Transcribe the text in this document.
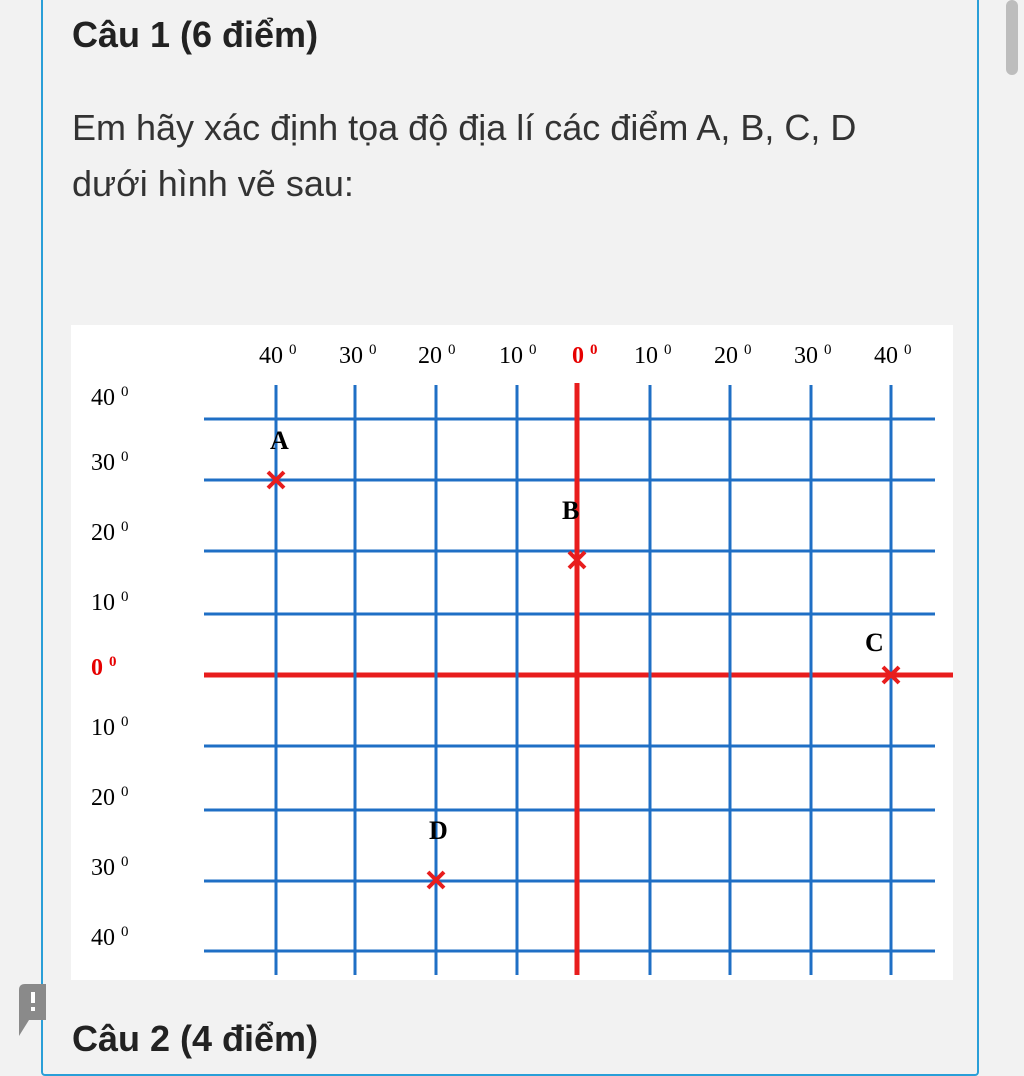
Câu 1 (6 điểm)
Em hãy xác định tọa độ địa lí các điểm A, B, C, D dưới hình vẽ sau:
40 $^0$ 30 $^0$ 20 $^0$ 10 $^0$ 0 $^0$ 10 $^0$ 20 $^0$ 30 $^0$ 40 $^0$
40 $^0$
30 $^0$
20 $^0$
10 $^0$
0 $^0$
10 $^0$
20 $^0$
30 $^0$
40 $^0$
A
B
C
D
Câu 2 (4 điểm)
